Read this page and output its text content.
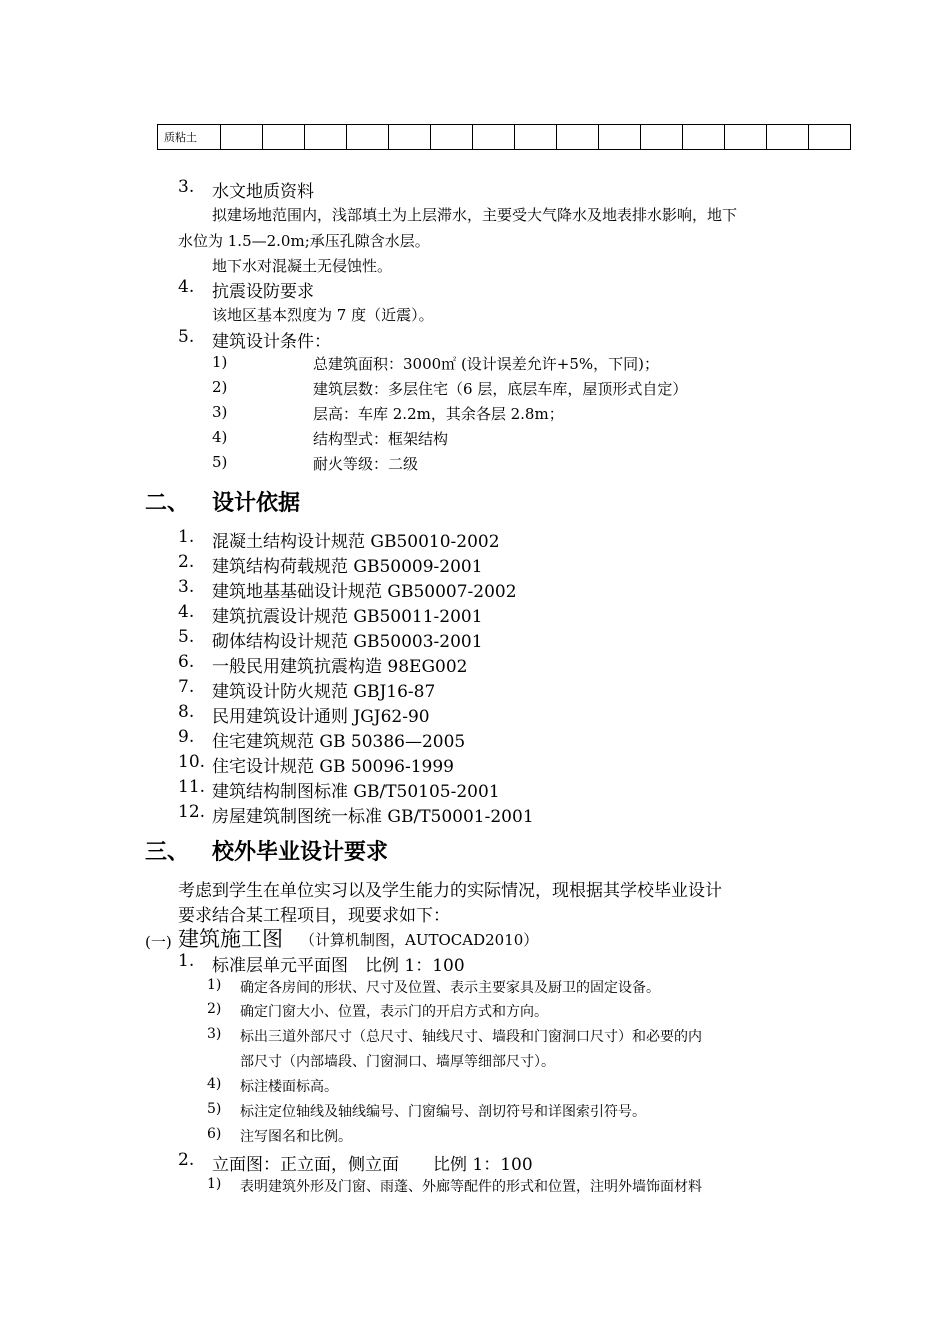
质粘土															
3. 水文地质资料
拟建场地范围内，浅部填土为上层滞水，主要受大气降水及地表排水影响，地下
水位为 1.5—2.0m;承压孔隙含水层。
地下水对混凝土无侵蚀性。
4. 抗震设防要求
该地区基本烈度为 7 度（近震）。
5. 建筑设计条件：
1)	总建筑面积：3000㎡ (设计误差允许+5%，下同)；
2)	建筑层数：多层住宅（6 层，底层车库，屋顶形式自定）
3)	层高：车库 2.2m，其余各层 2.8m；
4)	结构型式：框架结构
5)	耐火等级：二级
二、 设计依据
1. 混凝土结构设计规范 GB50010-2002
2. 建筑结构荷载规范 GB50009-2001
3. 建筑地基基础设计规范 GB50007-2002
4. 建筑抗震设计规范 GB50011-2001
5. 砌体结构设计规范 GB50003-2001
6. 一般民用建筑抗震构造 98EG002
7. 建筑设计防火规范 GBJ16-87
8. 民用建筑设计通则 JGJ62-90
9. 住宅建筑规范 GB 50386—2005
10. 住宅设计规范 GB 50096-1999
11. 建筑结构制图标准 GB/T50105-2001
12. 房屋建筑制图统一标准 GB/T50001-2001
三、 校外毕业设计要求
考虑到学生在单位实习以及学生能力的实际情况，现根据其学校毕业设计
要求结合某工程项目，现要求如下：
(一) 建筑施工图 （计算机制图，AUTOCAD2010）
1. 标准层单元平面图　比例 1：100
1) 确定各房间的形状、尺寸及位置、表示主要家具及厨卫的固定设备。
2) 确定门窗大小、位置，表示门的开启方式和方向。
3) 标出三道外部尺寸（总尺寸、轴线尺寸、墙段和门窗洞口尺寸）和必要的内
部尺寸（内部墙段、门窗洞口、墙厚等细部尺寸）。
4) 标注楼面标高。
5) 标注定位轴线及轴线编号、门窗编号、剖切符号和详图索引符号。
6) 注写图名和比例。
2. 立面图：正立面，侧立面　　比例 1：100
1) 表明建筑外形及门窗、雨蓬、外廊等配件的形式和位置，注明外墙饰面材料
